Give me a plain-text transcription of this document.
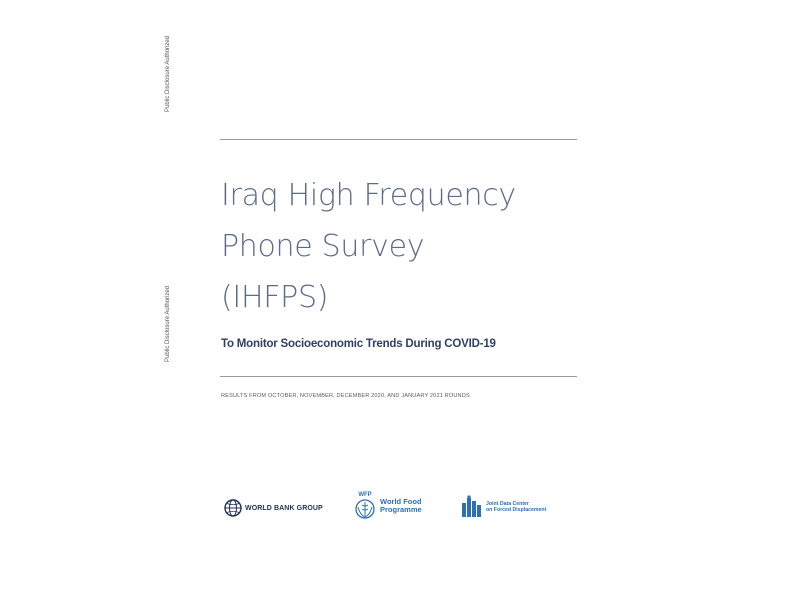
Public Disclosure Authorized
Public Disclosure Authorized
Iraq High Frequency
Phone Survey
(IHFPS)
To Monitor Socioeconomic Trends During COVID-19
RESULTS FROM OCTOBER, NOVEMBER, DECEMBER 2020, AND JANUARY 2021 ROUNDS
WORLD BANK GROUP
WFP
World Food
Programme
Joint Data Center
on Forced Displacement
